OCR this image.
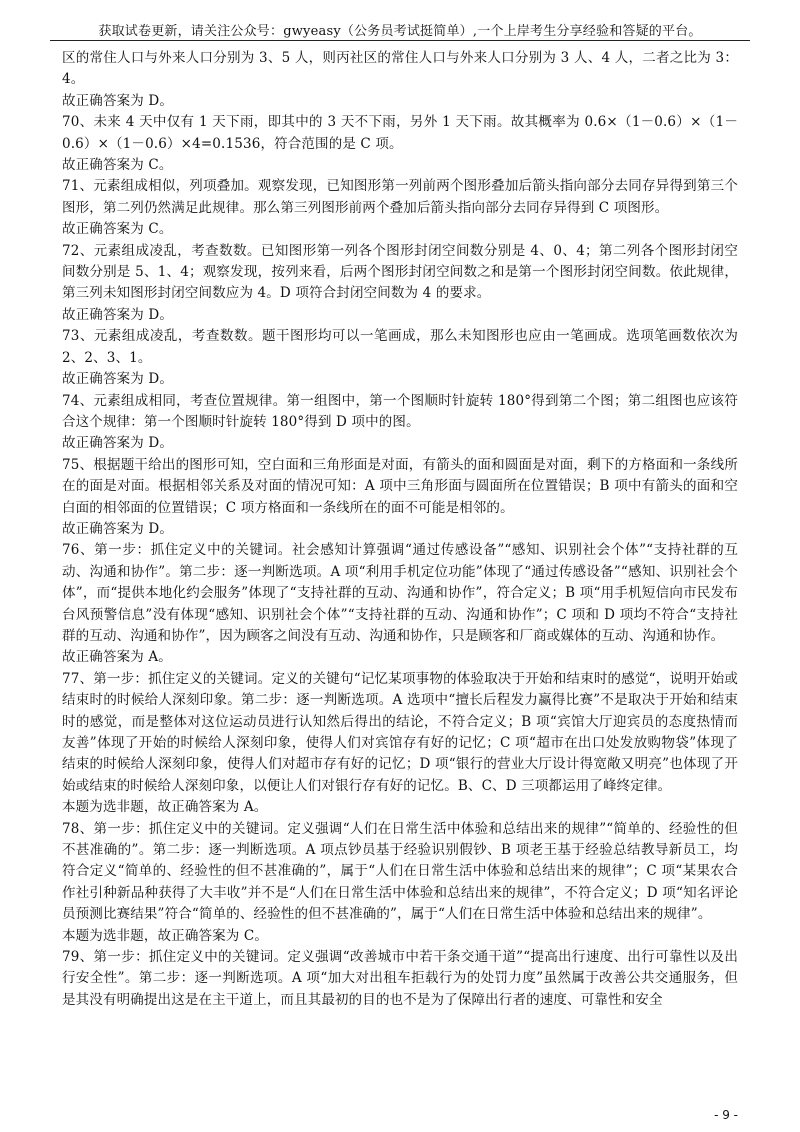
获取试卷更新，请关注公众号：gwyeasy（公务员考试挺简单）,一个上岸考生分享经验和答疑的平台。

区的常住人口与外来人口分别为 3、5 人，则丙社区的常住人口与外来人口分别为 3 人、4 人，二者之比为 3：4。

故正确答案为 D。

70、未来 4 天中仅有 1 天下雨，即其中的 3 天不下雨，另外 1 天下雨。故其概率为 0.6×（1－0.6）×（1－0.6）×（1－0.6）×4=0.1536，符合范围的是 C 项。

故正确答案为 C。

71、元素组成相似，列项叠加。观察发现，已知图形第一列前两个图形叠加后箭头指向部分去同存异得到第三个图形，第二列仍然满足此规律。那么第三列图形前两个叠加后箭头指向部分去同存异得到 C 项图形。

故正确答案为 C。

72、元素组成凌乱，考查数数。已知图形第一列各个图形封闭空间数分别是 4、0、4；第二列各个图形封闭空间数分别是 5、1、4；观察发现，按列来看，后两个图形封闭空间数之和是第一个图形封闭空间数。依此规律，第三列未知图形封闭空间数应为 4。D 项符合封闭空间数为 4 的要求。

故正确答案为 D。

73、元素组成凌乱，考查数数。题干图形均可以一笔画成，那么未知图形也应由一笔画成。选项笔画数依次为 2、2、3、1。

故正确答案为 D。

74、元素组成相同，考查位置规律。第一组图中，第一个图顺时针旋转 180°得到第二个图；第二组图也应该符合这个规律：第一个图顺时针旋转 180°得到 D 项中的图。

故正确答案为 D。

75、根据题干给出的图形可知，空白面和三角形面是对面，有箭头的面和圆面是对面，剩下的方格面和一条线所在的面是对面。根据相邻关系及对面的情况可知：A 项中三角形面与圆面所在位置错误；B 项中有箭头的面和空白面的相邻面的位置错误；C 项方格面和一条线所在的面不可能是相邻的。

故正确答案为 D。

76、第一步：抓住定义中的关键词。社会感知计算强调“通过传感设备”“感知、识别社会个体”“支持社群的互动、沟通和协作”。第二步：逐一判断选项。A 项“利用手机定位功能”体现了“通过传感设备”“感知、识别社会个体”，而“提供本地化约会服务”体现了“支持社群的互动、沟通和协作”，符合定义；B 项“用手机短信向市民发布台风预警信息”没有体现“感知、识别社会个体”“支持社群的互动、沟通和协作”；C 项和 D 项均不符合“支持社群的互动、沟通和协作”，因为顾客之间没有互动、沟通和协作，只是顾客和厂商或媒体的互动、沟通和协作。

故正确答案为 A。

77、第一步：抓住定义的关键词。定义的关键句“记忆某项事物的体验取决于开始和结束时的感觉“，说明开始或结束时的时候给人深刻印象。第二步：逐一判断选项。A 选项中“擅长后程发力赢得比赛”不是取决于开始和结束时的感觉，而是整体对这位运动员进行认知然后得出的结论，不符合定义；B 项“宾馆大厅迎宾员的态度热情而友善”体现了开始的时候给人深刻印象，使得人们对宾馆存有好的记忆；C 项“超市在出口处发放购物袋”体现了结束的时候给人深刻印象，使得人们对超市存有好的记忆；D 项“银行的营业大厅设计得宽敞又明亮”也体现了开始或结束的时候给人深刻印象，以便让人们对银行存有好的记忆。B、C、D 三项都运用了峰终定律。

本题为选非题，故正确答案为 A。

78、第一步：抓住定义中的关键词。定义强调“人们在日常生活中体验和总结出来的规律”“简单的、经验性的但不甚准确的”。第二步：逐一判断选项。A 项点钞员基于经验识别假钞、B 项老王基于经验总结教导新员工，均符合定义“简单的、经验性的但不甚准确的”，属于“人们在日常生活中体验和总结出来的规律”；C 项“某果农合作社引种新品种获得了大丰收”并不是“人们在日常生活中体验和总结出来的规律”，不符合定义；D 项“知名评论员预测比赛结果”符合“简单的、经验性的但不甚准确的”，属于“人们在日常生活中体验和总结出来的规律”。

本题为选非题，故正确答案为 C。

79、第一步：抓住定义中的关键词。定义强调“改善城市中若干条交通干道”“提高出行速度、出行可靠性以及出行安全性”。第二步：逐一判断选项。A 项“加大对出租车拒载行为的处罚力度”虽然属于改善公共交通服务，但是其没有明确提出这是在主干道上，而且其最初的目的也不是为了保障出行者的速度、可靠性和安全

- 9 -
